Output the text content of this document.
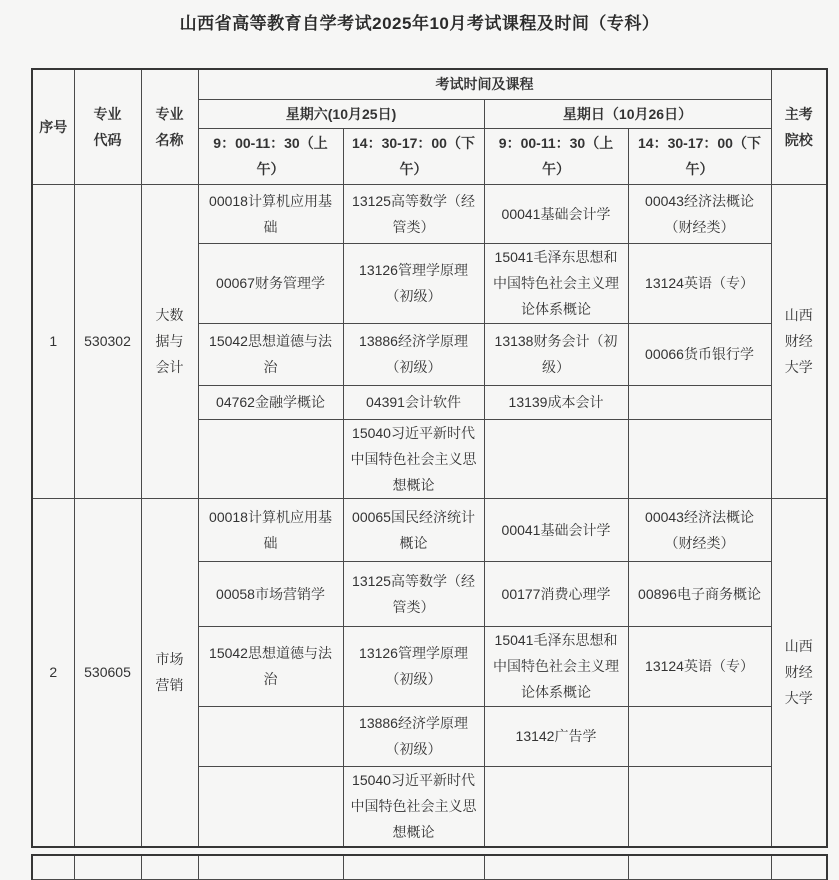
山西省高等教育自学考试2025年10月考试课程及时间（专科）
序号	专业代码	专业名称	考试时间及课程				主考院校
			星期六(10月25日)		星期日（10月26日）		
			9：00-11：30（上午）	14：30-17：00（下午）	9：00-11：30（上午）	14：30-17：00（下午）	
1	530302	大数据与会计	00018计算机应用基础	13125高等数学（经管类）	00041基础会计学	00043经济法概论（财经类）	山西财经大学
			00067财务管理学	13126管理学原理（初级）	15041毛泽东思想和中国特色社会主义理论体系概论	13124英语（专）	
			15042思想道德与法治	13886经济学原理（初级）	13138财务会计（初级）	00066货币银行学	
			04762金融学概论	04391会计软件	13139成本会计		
				15040习近平新时代中国特色社会主义思想概论			
2	530605	市场营销	00018计算机应用基础	00065国民经济统计概论	00041基础会计学	00043经济法概论（财经类）	山西财经大学
			00058市场营销学	13125高等数学（经管类）	00177消费心理学	00896电子商务概论	
			15042思想道德与法治	13126管理学原理（初级）	15041毛泽东思想和中国特色社会主义理论体系概论	13124英语（专）	
				13886经济学原理（初级）	13142广告学		
				15040习近平新时代中国特色社会主义思想概论			
